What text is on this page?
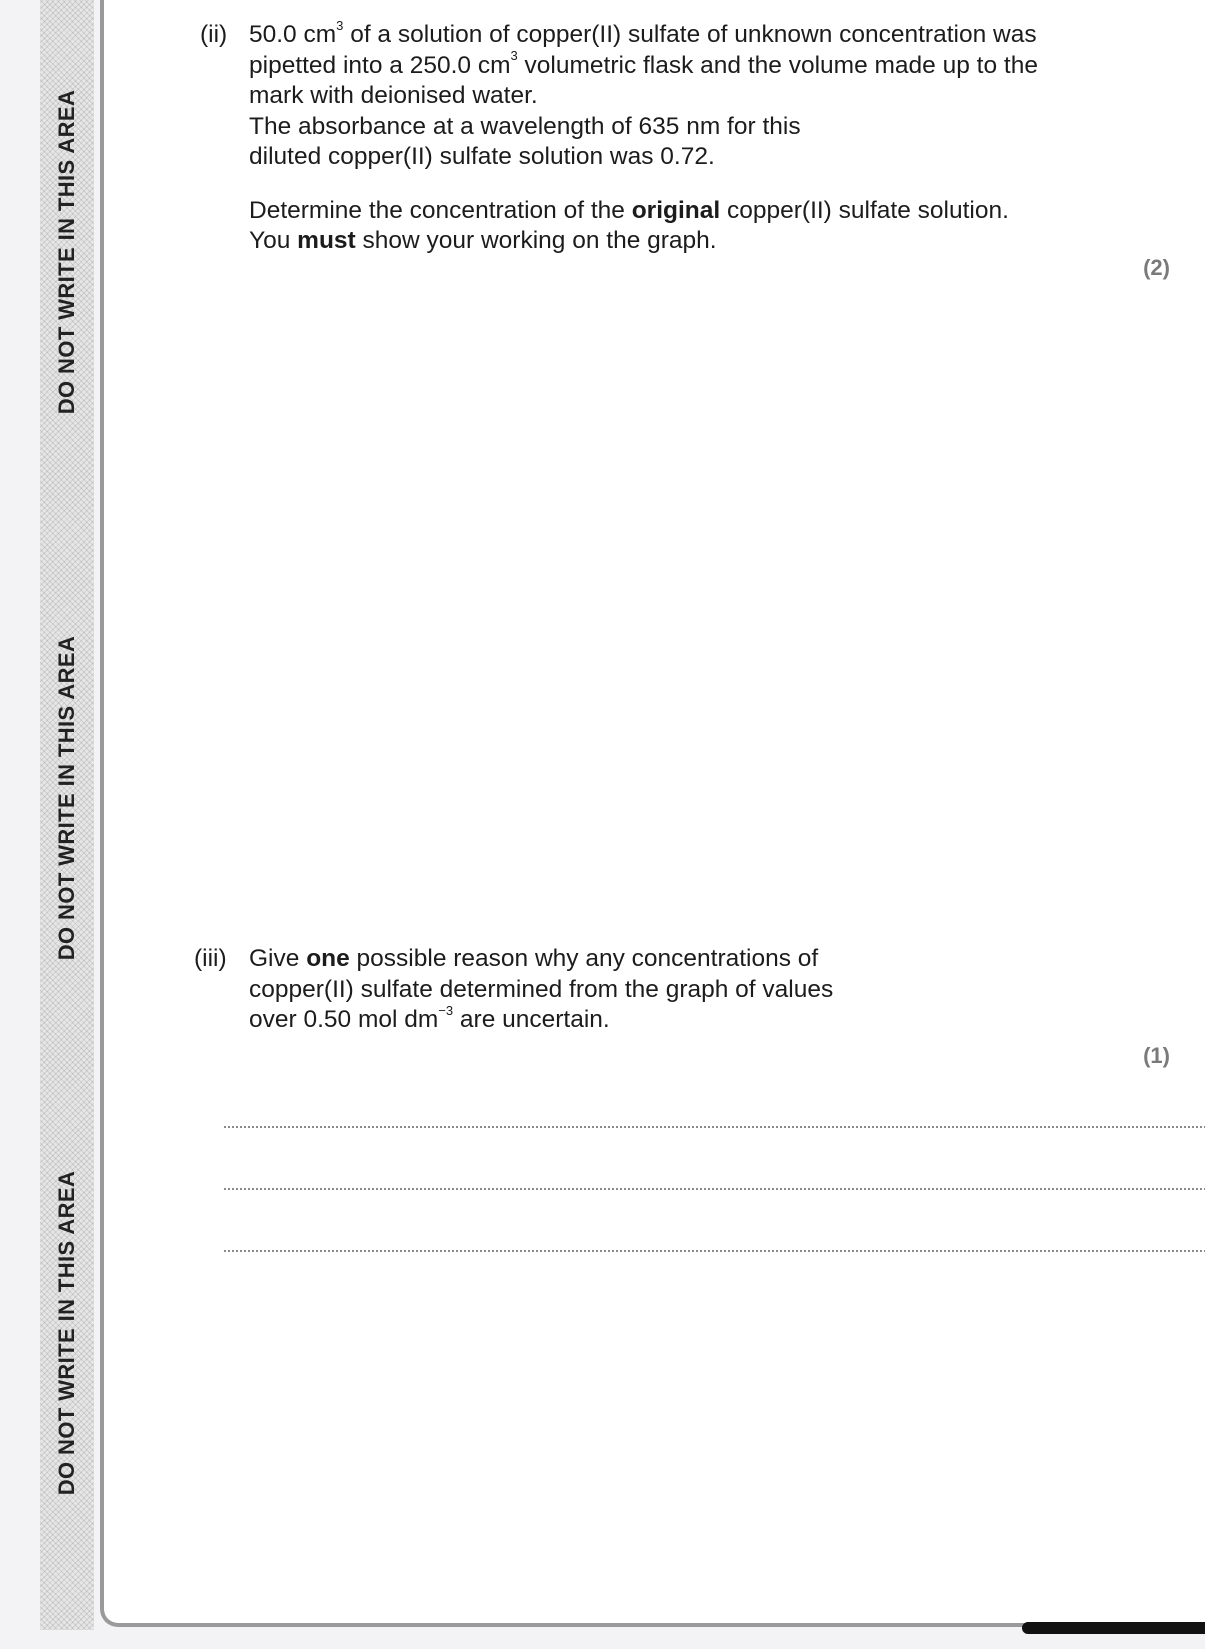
DO NOT WRITE IN THIS AREA
DO NOT WRITE IN THIS AREA
DO NOT WRITE IN THIS AREA
(ii) 50.0 $cm^3$ of a solution of copper(II) sulfate of unknown concentration was pipetted into a 250.0 $cm^3$ volumetric flask and the volume made up to the mark with deionised water.

The absorbance at a wavelength of 635 nm for this diluted copper(II) sulfate solution was 0.72.

Determine the concentration of the original copper(II) sulfate solution.

You must show your working on the graph.

(2)
(iii) Give one possible reason why any concentrations of copper(II) sulfate determined from the graph of values over 0.50 mol $dm^{-3}$ are uncertain.

(1)
